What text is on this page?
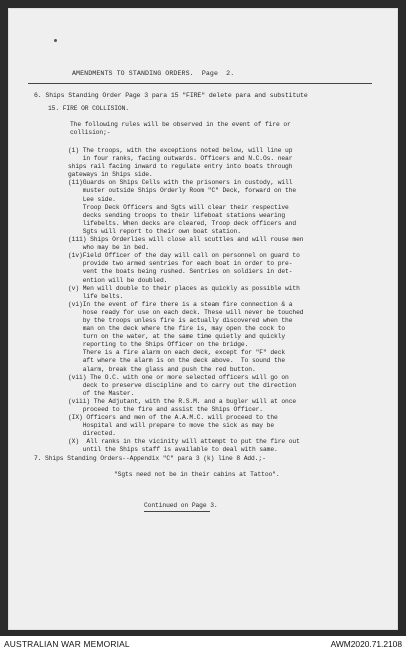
AMENDMENTS TO STANDING ORDERS.  Page  2.
6. Ships Standing Order Page 3 para 15 "FIRE" delete para and substitute
15. FIRE OR COLLISION.
The following rules will be observed in the event of fire or
collision;-
(1) The troops, with the exceptions noted below, will line up
in four ranks, facing outwards. Officers and N.C.Os. near
ships rail facing inward to regulate entry into boats through
gateways in Ships side.
(11)Guards on Ships Cells with the prisoners in custody, will
muster outside Ships Orderly Room "C" Deck, forward on the
Lee side.
Troop Deck Officers and Sgts will clear their respective
decks sending troops to their lifeboat stations wearing
lifebelts. When decks are cleared, Troop deck officers and
Sgts will report to their own boat station.
(111) Ships Orderlies will close all scuttles and will rouse men
who may be in bed.
(1v)Field Officer of the day will call on personnel on guard to
provide two armed sentries for each boat in order to pre-
vent the boats being rushed. Sentries on soldiers in det-
ention will be doubled.
(v) Men will double to their places as quickly as possible with
life belts.
(vi)In the event of fire there is a steam fire connection & a
hose ready for use on each deck. These will never be touched
by the troops unless fire is actually discovered when the
man on the deck where the fire is, may open the cock to
turn on the water, at the same time quietly and quickly
reporting to the Ships Officer on the bridge.
There is a fire alarm on each deck, except for "F" deck
aft where the alarm is on the deck above.  To sound the
alarm, break the glass and push the red button.
(vii) The O.C. with one or more selected officers will go on
deck to preserve discipline and to carry out the direction
of the Master.
(viii) The Adjutant, with the R.S.M. and a bugler will at once
proceed to the fire and assist the Ships Officer.
(IX) Officers and men of the A.A.M.C. will proceed to the
Hospital and will prepare to move the sick as may be
directed.
(X)  All ranks in the vicinity will attempt to put the fire out
until the Ships staff is available to deal with same.
7. Ships Standing Orders--Appendix "C" para 3 (k) line 8 Add.;-
"Sgts need not be in their cabins at Tattoo".
Continued on Page 3.
AUSTRALIAN WAR MEMORIAL	AWM2020.71.2108
